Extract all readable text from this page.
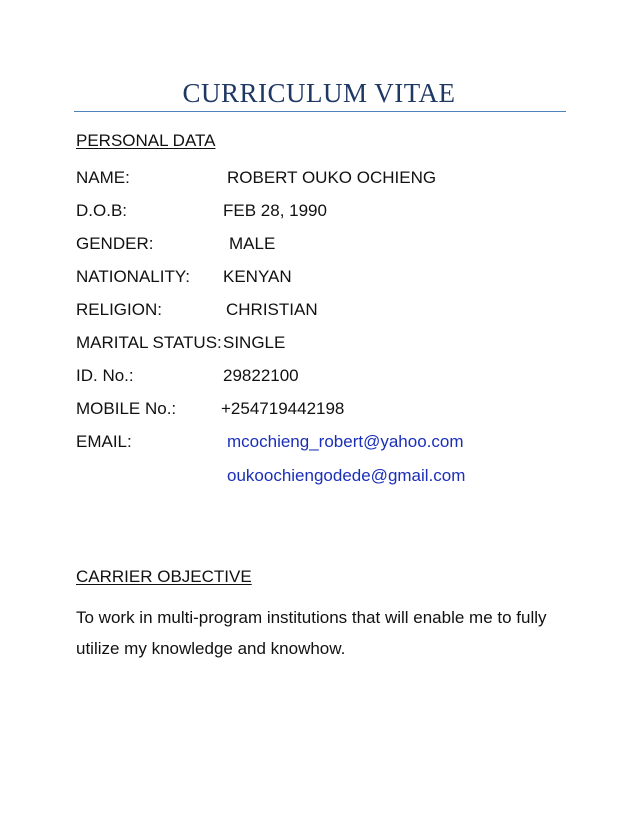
CURRICULUM VITAE
PERSONAL DATA
NAME:	ROBERT OUKO OCHIENG
D.O.B:	FEB 28, 1990
GENDER:	MALE
NATIONALITY: KENYAN
RELIGION:	CHRISTIAN
MARITAL STATUS: SINGLE
ID. No.:	29822100
MOBILE No.:	+254719442198
EMAIL:	mcochieng_robert@yahoo.com
oukoochiengodede@gmail.com
CARRIER OBJECTIVE
To work in multi-program institutions that will enable me to fully utilize my knowledge and knowhow.
